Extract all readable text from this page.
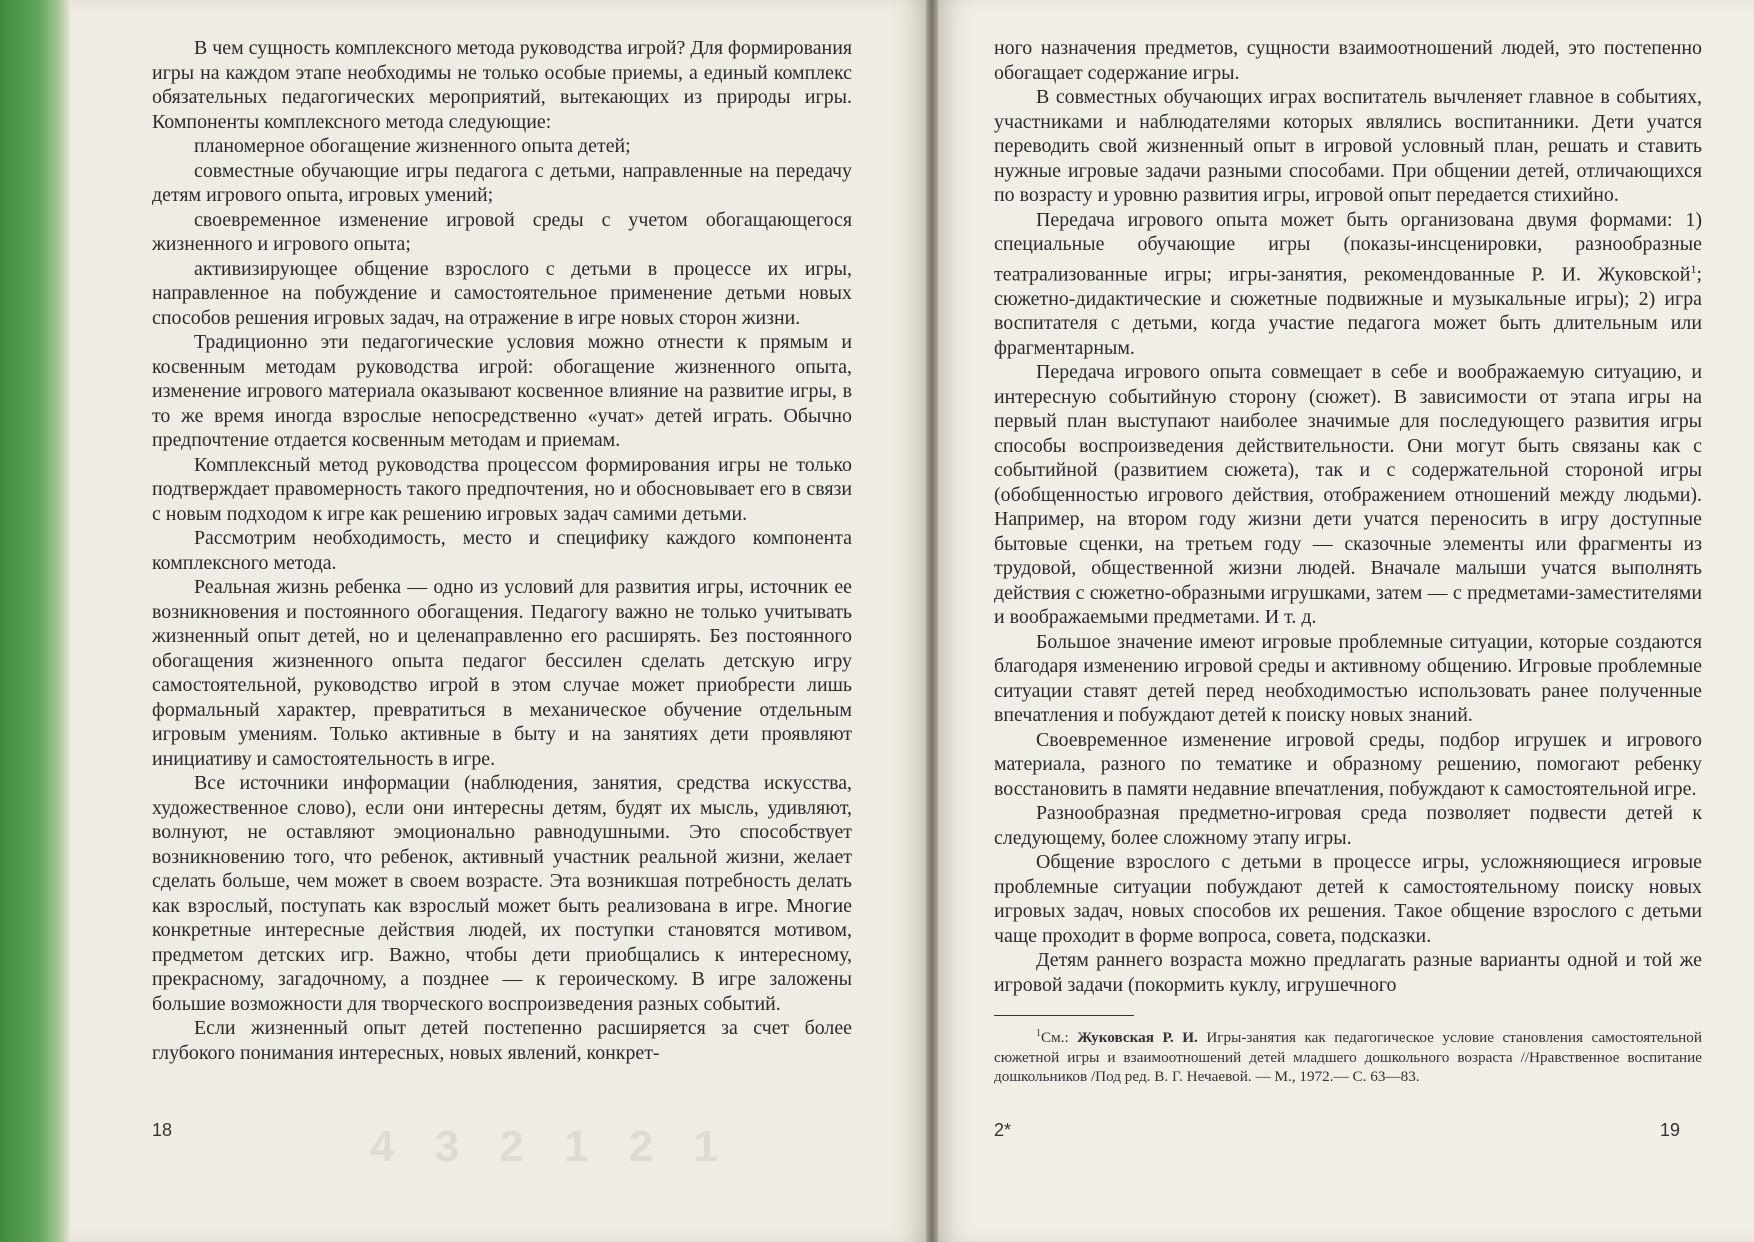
В чем сущность комплексного метода руководства игрой? Для формирования игры на каждом этапе необходимы не только особые приемы, а единый комплекс обязательных педагогических мероприятий, вытекающих из природы игры. Компоненты комплексного метода следующие:

планомерное обогащение жизненного опыта детей;

совместные обучающие игры педагога с детьми, направленные на передачу детям игрового опыта, игровых умений;

своевременное изменение игровой среды с учетом обогащающегося жизненного и игрового опыта;

активизирующее общение взрослого с детьми в процессе их игры, направленное на побуждение и самостоятельное применение детьми новых способов решения игровых задач, на отражение в игре новых сторон жизни.

Традиционно эти педагогические условия можно отнести к прямым и косвенным методам руководства игрой: обогащение жизненного опыта, изменение игрового материала оказывают косвенное влияние на развитие игры, в то же время иногда взрослые непосредственно «учат» детей играть. Обычно предпочтение отдается косвенным методам и приемам.

Комплексный метод руководства процессом формирования игры не только подтверждает правомерность такого предпочтения, но и обосновывает его в связи с новым подходом к игре как решению игровых задач самими детьми.

Рассмотрим необходимость, место и специфику каждого компонента комплексного метода.

Реальная жизнь ребенка — одно из условий для развития игры, источник ее возникновения и постоянного обогащения. Педагогу важно не только учитывать жизненный опыт детей, но и целенаправленно его расширять. Без постоянного обогащения жизненного опыта педагог бессилен сделать детскую игру самостоятельной, руководство игрой в этом случае может приобрести лишь формальный характер, превратиться в механическое обучение отдельным игровым умениям. Только активные в быту и на занятиях дети проявляют инициативу и самостоятельность в игре.

Все источники информации (наблюдения, занятия, средства искусства, художественное слово), если они интересны детям, будят их мысль, удивляют, волнуют, не оставляют эмоционально равнодушными. Это способствует возникновению того, что ребенок, активный участник реальной жизни, желает сделать больше, чем может в своем возрасте. Эта возникшая потребность делать как взрослый, поступать как взрослый может быть реализована в игре. Многие конкретные интересные действия людей, их поступки становятся мотивом, предметом детских игр. Важно, чтобы дети приобщались к интересному, прекрасному, загадочному, а позднее — к героическому. В игре заложены большие возможности для творческого воспроизведения разных событий.

Если жизненный опыт детей постепенно расширяется за счет более глубокого понимания интересных, новых явлений, конкрет-

4 3 2 1 2 1
18

ного назначения предметов, сущности взаимоотношений людей, это постепенно обогащает содержание игры.

В совместных обучающих играх воспитатель вычленяет главное в событиях, участниками и наблюдателями которых являлись воспитанники. Дети учатся переводить свой жизненный опыт в игровой условный план, решать и ставить нужные игровые задачи разными способами. При общении детей, отличающихся по возрасту и уровню развития игры, игровой опыт передается стихийно.

Передача игрового опыта может быть организована двумя формами: 1) специальные обучающие игры (показы-инсценировки, разнообразные театрализованные игры; игры-занятия, рекомендованные Р. И. Жуковской$^1$; сюжетно-дидактические и сюжетные подвижные и музыкальные игры); 2) игра воспитателя с детьми, когда участие педагога может быть длительным или фрагментарным.

Передача игрового опыта совмещает в себе и воображаемую ситуацию, и интересную событийную сторону (сюжет). В зависимости от этапа игры на первый план выступают наиболее значимые для последующего развития игры способы воспроизведения действительности. Они могут быть связаны как с событийной (развитием сюжета), так и с содержательной стороной игры (обобщенностью игрового действия, отображением отношений между людьми). Например, на втором году жизни дети учатся переносить в игру доступные бытовые сценки, на третьем году — сказочные элементы или фрагменты из трудовой, общественной жизни людей. Вначале малыши учатся выполнять действия с сюжетно-образными игрушками, затем — с предметами-заместителями и воображаемыми предметами. И т. д.

Большое значение имеют игровые проблемные ситуации, которые создаются благодаря изменению игровой среды и активному общению. Игровые проблемные ситуации ставят детей перед необходимостью использовать ранее полученные впечатления и побуждают детей к поиску новых знаний.

Своевременное изменение игровой среды, подбор игрушек и игрового материала, разного по тематике и образному решению, помогают ребенку восстановить в памяти недавние впечатления, побуждают к самостоятельной игре.

Разнообразная предметно-игровая среда позволяет подвести детей к следующему, более сложному этапу игры.

Общение взрослого с детьми в процессе игры, усложняющиеся игровые проблемные ситуации побуждают детей к самостоятельному поиску новых игровых задач, новых способов их решения. Такое общение взрослого с детьми чаще проходит в форме вопроса, совета, подсказки.

Детям раннего возраста можно предлагать разные варианты одной и той же игровой задачи (покормить куклу, игрушечного

$^1$См.: Жуковская Р. И. Игры-занятия как педагогическое условие становления самостоятельной сюжетной игры и взаимоотношений детей младшего дошкольного возраста //Нравственное воспитание дошкольников /Под ред. В. Г. Нечаевой. — М., 1972.— С. 63—83.

2*	19
